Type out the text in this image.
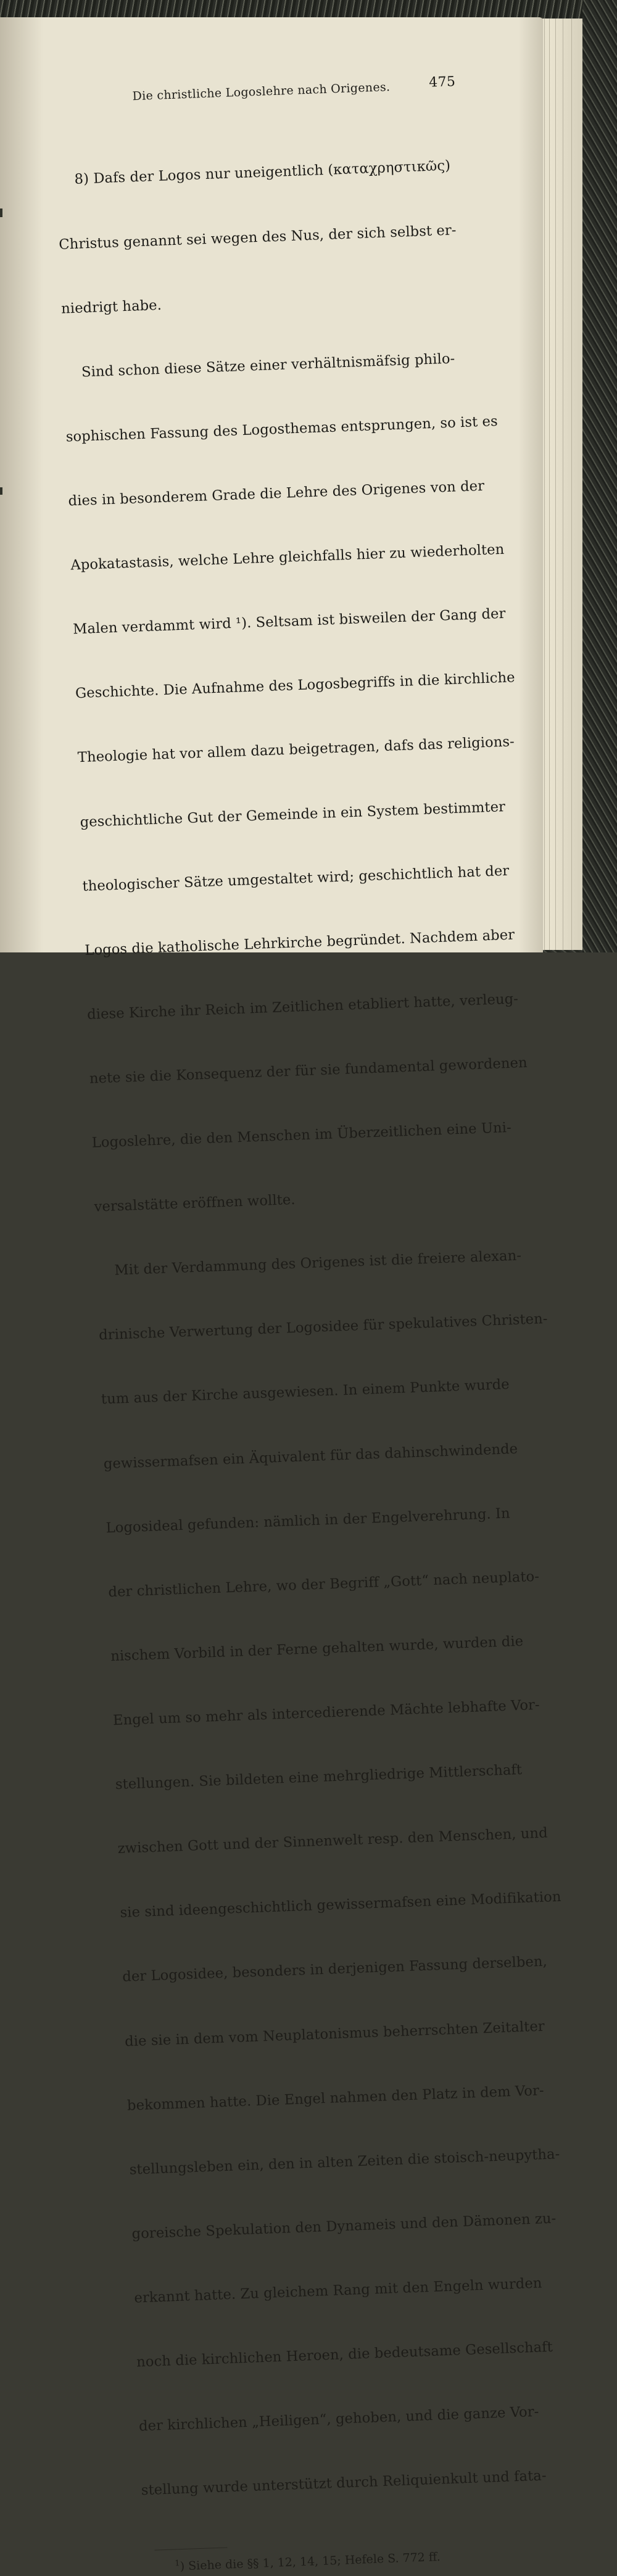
Die christliche Logoslehre nach Origenes.	475

8) Dafs der Logos nur uneigentlich (καταχρηστικῶς)

Christus genannt sei wegen des Nus, der sich selbst er-

niedrigt habe.

Sind schon diese Sätze einer verhältnismäfsig philo-

sophischen Fassung des Logosthemas entsprungen, so ist es

dies in besonderem Grade die Lehre des Origenes von der

Apokatastasis, welche Lehre gleichfalls hier zu wiederholten

Malen verdammt wird ¹). Seltsam ist bisweilen der Gang der

Geschichte. Die Aufnahme des Logosbegriffs in die kirchliche

Theologie hat vor allem dazu beigetragen, dafs das religions-

geschichtliche Gut der Gemeinde in ein System bestimmter

theologischer Sätze umgestaltet wird; geschichtlich hat der

Logos die katholische Lehrkirche begründet. Nachdem aber

diese Kirche ihr Reich im Zeitlichen etabliert hatte, verleug-

nete sie die Konsequenz der für sie fundamental gewordenen

Logoslehre, die den Menschen im Überzeitlichen eine Uni-

versalstätte eröffnen wollte.

Mit der Verdammung des Origenes ist die freiere alexan-

drinische Verwertung der Logosidee für spekulatives Christen-

tum aus der Kirche ausgewiesen. In einem Punkte wurde

gewissermafsen ein Äquivalent für das dahinschwindende

Logosideal gefunden: nämlich in der Engelverehrung. In

der christlichen Lehre, wo der Begriff „Gott“ nach neuplato-

nischem Vorbild in der Ferne gehalten wurde, wurden die

Engel um so mehr als intercedierende Mächte lebhafte Vor-

stellungen. Sie bildeten eine mehrgliedrige Mittlerschaft

zwischen Gott und der Sinnenwelt resp. den Menschen, und

sie sind ideengeschichtlich gewissermafsen eine Modifikation

der Logosidee, besonders in derjenigen Fassung derselben,

die sie in dem vom Neuplatonismus beherrschten Zeitalter

bekommen hatte. Die Engel nahmen den Platz in dem Vor-

stellungsleben ein, den in alten Zeiten die stoisch-neupytha-

goreische Spekulation den Dynameis und den Dämonen zu-

erkannt hatte. Zu gleichem Rang mit den Engeln wurden

noch die kirchlichen Heroen, die bedeutsame Gesellschaft

der kirchlichen „Heiligen“, gehoben, und die ganze Vor-

stellung wurde unterstützt durch Reliquienkult und fata-

$^1$) Siehe die §§ 1, 12, 14, 15; Hefele S. 772 ff.
